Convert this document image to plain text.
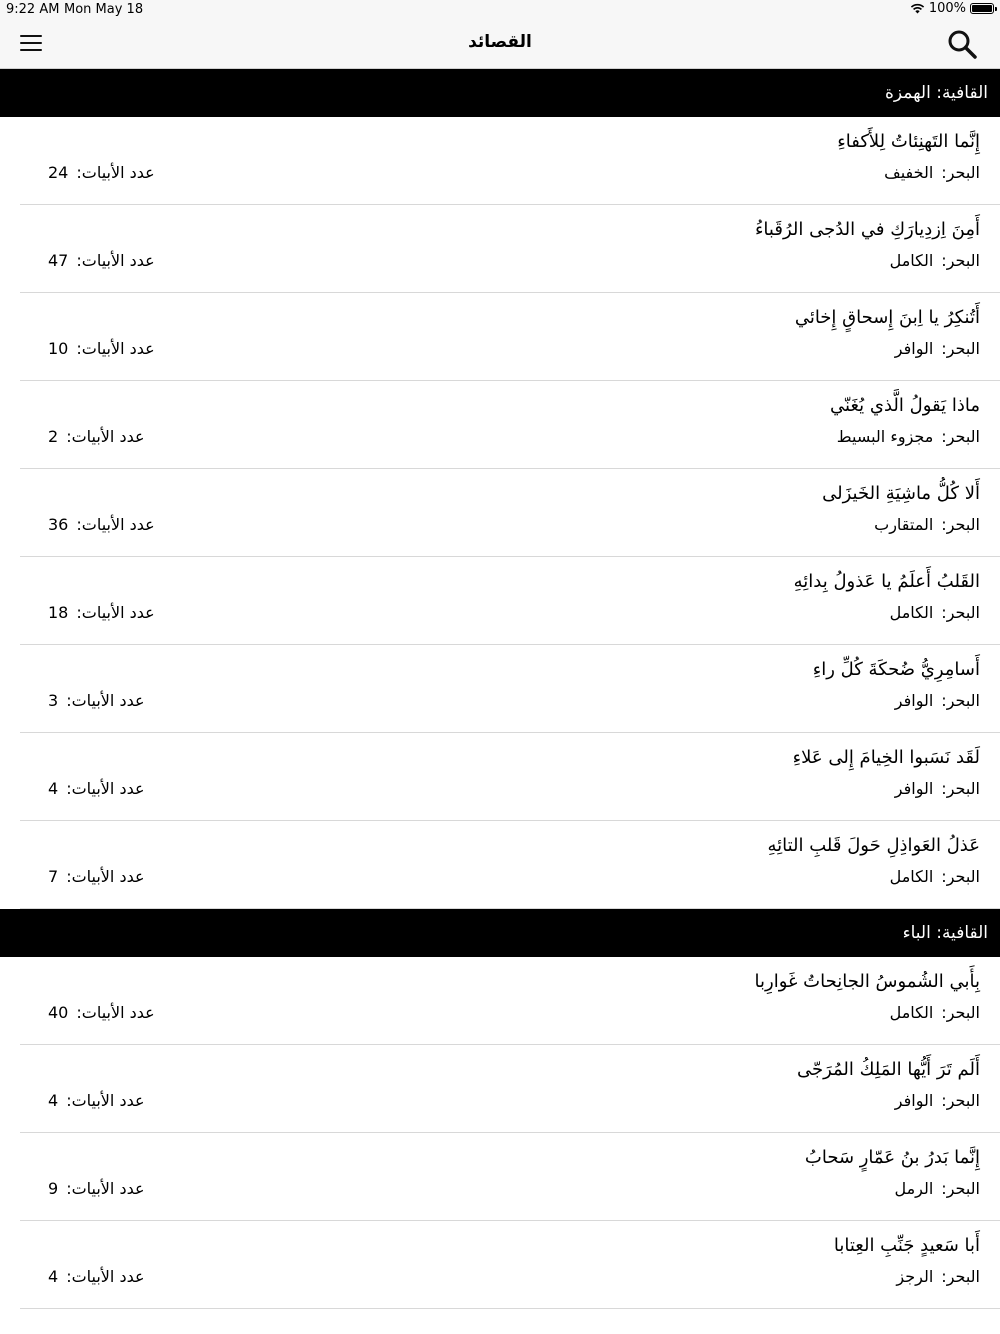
9:22 AM Mon May 18	100%
القصائد
القافية: الهمزة
إِنَّما التَهنِئاتُ لِلأَكفاءِ
البحر:الخفيف
عدد الأبيات:24
أَمِنَ اِزدِيارَكِ في الدُجى الرُقَباءُ
البحر:الكامل
عدد الأبيات:47
أَتُنكِرُ يا اِبنَ إِسحاقٍ إِخائي
البحر:الوافر
عدد الأبيات:10
ماذا يَقولُ الَّذي يُغَنّي
البحر:مجزوء البسيط
عدد الأبيات:2
أَلا كُلُّ ماشِيَةِ الخَيزَلى
البحر:المتقارب
عدد الأبيات:36
القَلبُ أَعلَمُ يا عَذولُ بِدائِهِ
البحر:الكامل
عدد الأبيات:18
أَسامِرِيُّ ضُحكَةَ كُلِّ راءِ
البحر:الوافر
عدد الأبيات:3
لَقَد نَسَبوا الخِيامَ إِلى عَلاءِ
البحر:الوافر
عدد الأبيات:4
عَذلُ العَواذِلِ حَولَ قَلبِ التائِهِ
البحر:الكامل
عدد الأبيات:7
القافية: الباء
بِأَبي الشُموسُ الجانِحاتُ غَوارِبا
البحر:الكامل
عدد الأبيات:40
أَلَم تَرَ أَيُّها المَلِكُ المُرَجّى
البحر:الوافر
عدد الأبيات:4
إِنَّما بَدرُ بنُ عَمّارٍ سَحابُ
البحر:الرمل
عدد الأبيات:9
أَبا سَعيدٍ جَنِّبِ العِتابا
البحر:الرجز
عدد الأبيات:4
